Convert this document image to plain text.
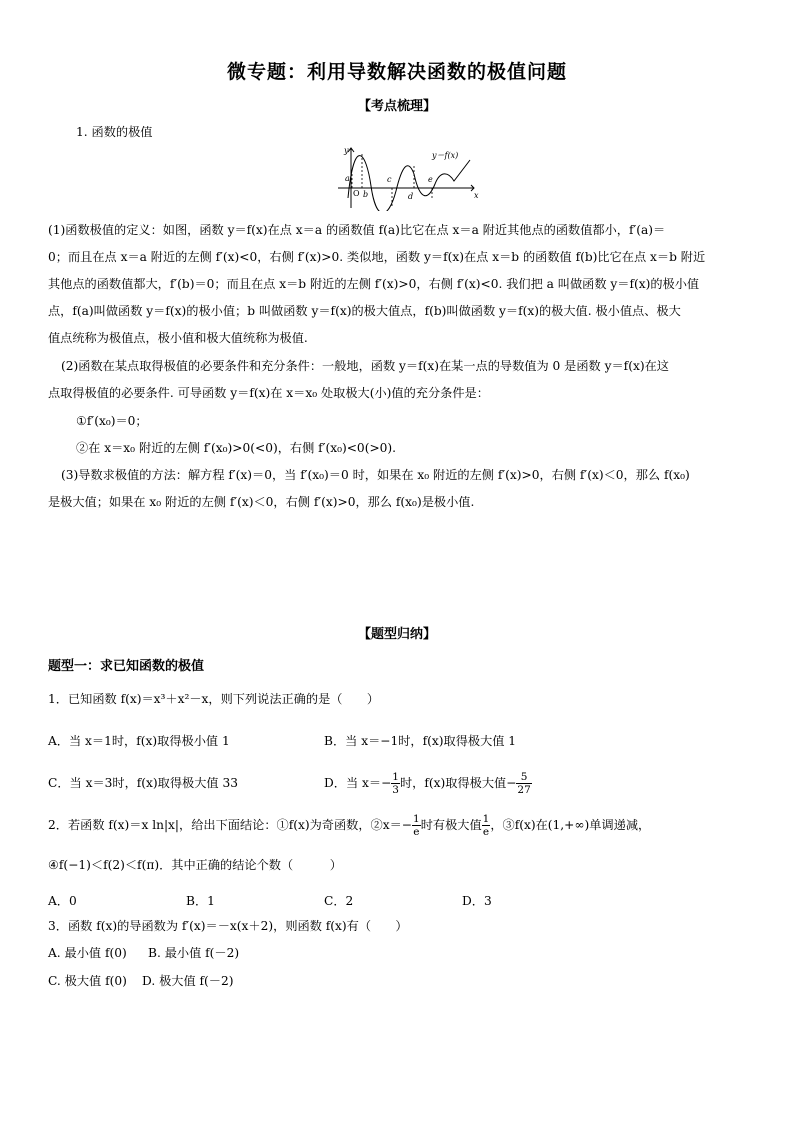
微专题：利用导数解决函数的极值问题
【考点梳理】
1. 函数的极值
y
x
O
y＝f(x)
a
b
c
d
e
(1)函数极值的定义：如图，函数 y＝f(x)在点 x＝a 的函数值 f(a)比它在点 x＝a 附近其他点的函数值都小，f′(a)＝
0；而且在点 x＝a 附近的左侧 f′(x)<0，右侧 f′(x)>0. 类似地，函数 y＝f(x)在点 x＝b 的函数值 f(b)比它在点 x＝b 附近
其他点的函数值都大，f′(b)＝0；而且在点 x＝b 附近的左侧 f′(x)>0，右侧 f′(x)<0. 我们把 a 叫做函数 y＝f(x)的极小值
点，f(a)叫做函数 y＝f(x)的极小值；b 叫做函数 y＝f(x)的极大值点，f(b)叫做函数 y＝f(x)的极大值. 极小值点、极大
值点统称为极值点，极小值和极大值统称为极值.
(2)函数在某点取得极值的必要条件和充分条件：一般地，函数 y＝f(x)在某一点的导数值为 0 是函数 y＝f(x)在这
点取得极值的必要条件. 可导函数 y＝f(x)在 x＝x₀ 处取极大(小)值的充分条件是：
①f′(x₀)＝0；
②在 x＝x₀ 附近的左侧 f′(x₀)>0(<0)，右侧 f′(x₀)<0(>0).
(3)导数求极值的方法：解方程 f′(x)＝0，当 f′(x₀)＝0 时，如果在 x₀ 附近的左侧 f′(x)>0，右侧 f′(x)＜0，那么 f(x₀)
是极大值；如果在 x₀ 附近的左侧 f′(x)＜0，右侧 f′(x)>0，那么 f(x₀)是极小值.
【题型归纳】
题型一：求已知函数的极值
1．已知函数 f(x)＝x³＋x²－x，则下列说法正确的是（　　）
A．当 x＝1时，f(x)取得极小值 1	B．当 x＝−1时，f(x)取得极大值 1
C．当 x＝3时，f(x)取得极大值 33	D．当 $x=- \frac{1}{3}$ 时，f(x)取得极大值− $\frac{5}{27}$
2．若函数 f(x)＝x ln|x|，给出下面结论：①f(x)为奇函数，②x＝− $\frac{1}{e}$ 时有极大值 $\frac{1}{e}$ ，③f(x)在(1,+∞)单调递减，
④f(−1)＜f(2)＜f(π)．其中正确的结论个数（　　　）
A．0	B．1	C．2	D．3
3．函数 f(x)的导函数为 f′(x)＝－x(x＋2)，则函数 f(x)有（　　）
A. 最小值 f(0) B. 最小值 f(－2)
C. 极大值 f(0) D. 极大值 f(－2)
